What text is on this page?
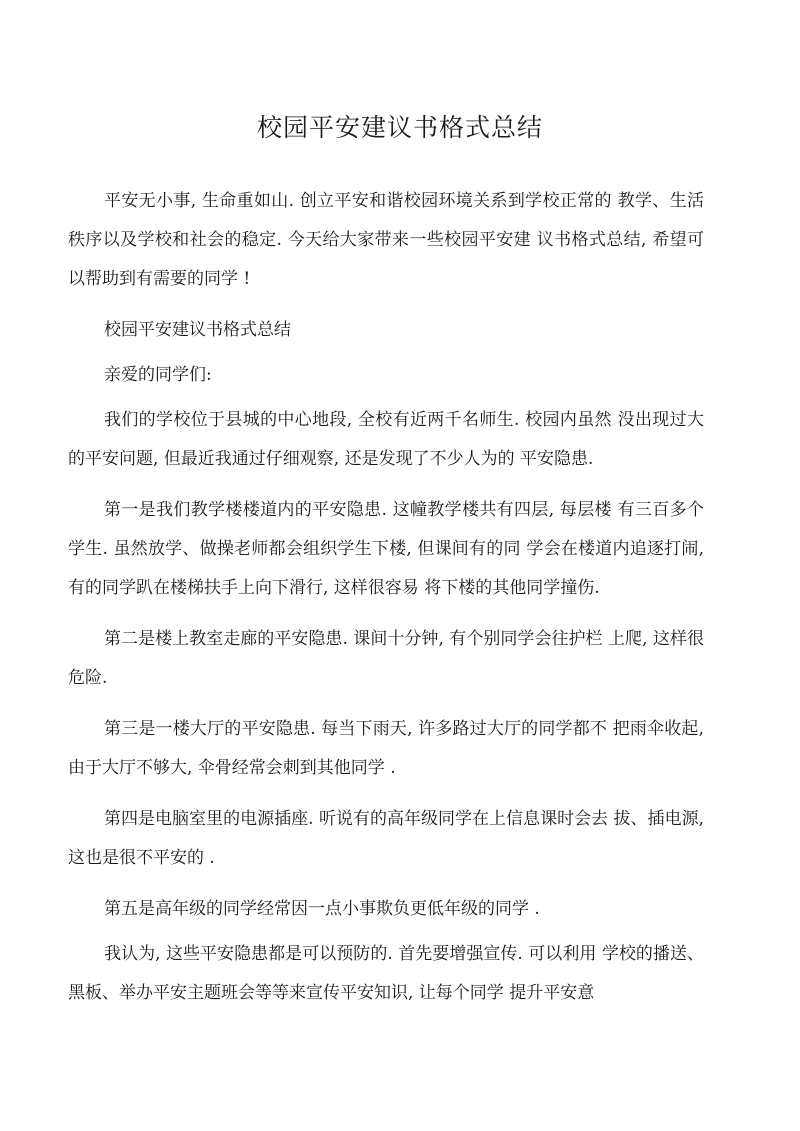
校园平安建议书格式总结

平安无小事, 生命重如山. 创立平安和谐校园环境关系到学校正常的 教学、生活秩序以及学校和社会的稳定. 今天给大家带来一些校园平安建 议书格式总结, 希望可以帮助到有需要的同学 !

校园平安建议书格式总结

亲爱的同学们:

我们的学校位于县城的中心地段, 全校有近两千名师生. 校园内虽然 没出现过大的平安问题, 但最近我通过仔细观察, 还是发现了不少人为的 平安隐患.

第一是我们教学楼楼道内的平安隐患. 这幢教学楼共有四层, 每层楼 有三百多个学生. 虽然放学、做操老师都会组织学生下楼, 但课间有的同 学会在楼道内追逐打闹, 有的同学趴在楼梯扶手上向下滑行, 这样很容易 将下楼的其他同学撞伤.

第二是楼上教室走廊的平安隐患. 课间十分钟, 有个别同学会往护栏 上爬, 这样很危险.

第三是一楼大厅的平安隐患. 每当下雨天, 许多路过大厅的同学都不 把雨伞收起, 由于大厅不够大, 伞骨经常会刺到其他同学 .

第四是电脑室里的电源插座. 听说有的高年级同学在上信息课时会去 拔、插电源, 这也是很不平安的 .

第五是高年级的同学经常因一点小事欺负更低年级的同学 .

我认为, 这些平安隐患都是可以预防的. 首先要增强宣传. 可以利用 学校的播送、黑板、举办平安主题班会等等来宣传平安知识, 让每个同学 提升平安意
